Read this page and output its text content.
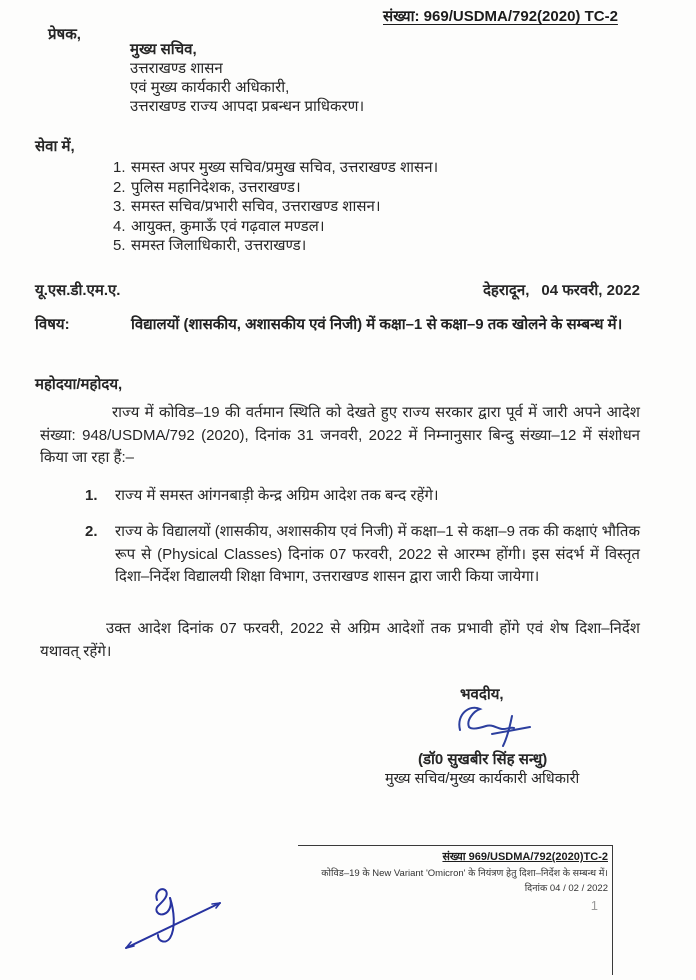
संख्या: 969/USDMA/792(2020) TC-2
प्रेषक,
मुख्य सचिव,
उत्तराखण्ड शासन
एवं मुख्य कार्यकारी अधिकारी,
उत्तराखण्ड राज्य आपदा प्रबन्धन प्राधिकरण।
सेवा में,
1. समस्त अपर मुख्य सचिव/प्रमुख सचिव, उत्तराखण्ड शासन।
2. पुलिस महानिदेशक, उत्तराखण्ड।
3. समस्त सचिव/प्रभारी सचिव, उत्तराखण्ड शासन।
4. आयुक्त, कुमाऊँ एवं गढ़वाल मण्डल।
5. समस्त जिलाधिकारी, उत्तराखण्ड।
यू.एस.डी.एम.ए.	देहरादून, 04 फरवरी, 2022
विषय:	विद्यालयों (शासकीय, अशासकीय एवं निजी) में कक्षा–1 से कक्षा–9 तक खोलने के सम्बन्ध में।
महोदया/महोदय,
राज्य में कोविड–19 की वर्तमान स्थिति को देखते हुए राज्य सरकार द्वारा पूर्व में जारी अपने आदेश संख्या: 948/USDMA/792 (2020), दिनांक 31 जनवरी, 2022 में निम्नानुसार बिन्दु संख्या–12 में संशोधन किया जा रहा हैं:–
1.	राज्य में समस्त आंगनबाड़ी केन्द्र अग्रिम आदेश तक बन्द रहेंगे।
2.	राज्य के विद्यालयों (शासकीय, अशासकीय एवं निजी) में कक्षा–1 से कक्षा–9 तक की कक्षाएं भौतिक रूप से (Physical Classes) दिनांक 07 फरवरी, 2022 से आरम्भ होंगी। इस संदर्भ में विस्तृत दिशा–निर्देश विद्यालयी शिक्षा विभाग, उत्तराखण्ड शासन द्वारा जारी किया जायेगा।
उक्त आदेश दिनांक 07 फरवरी, 2022 से अग्रिम आदेशों तक प्रभावी होंगे एवं शेष दिशा–निर्देश यथावत् रहेंगे।
भवदीय,
(डॉ0 सुखबीर सिंह सन्धु)
मुख्य सचिव/मुख्य कार्यकारी अधिकारी
संख्या 969/USDMA/792(2020)TC-2
कोविड–19 के New Variant 'Omicron' के नियंत्रण हेतु दिशा–निर्देश के सम्बन्ध में।
दिनांक 04 / 02 / 2022
1
